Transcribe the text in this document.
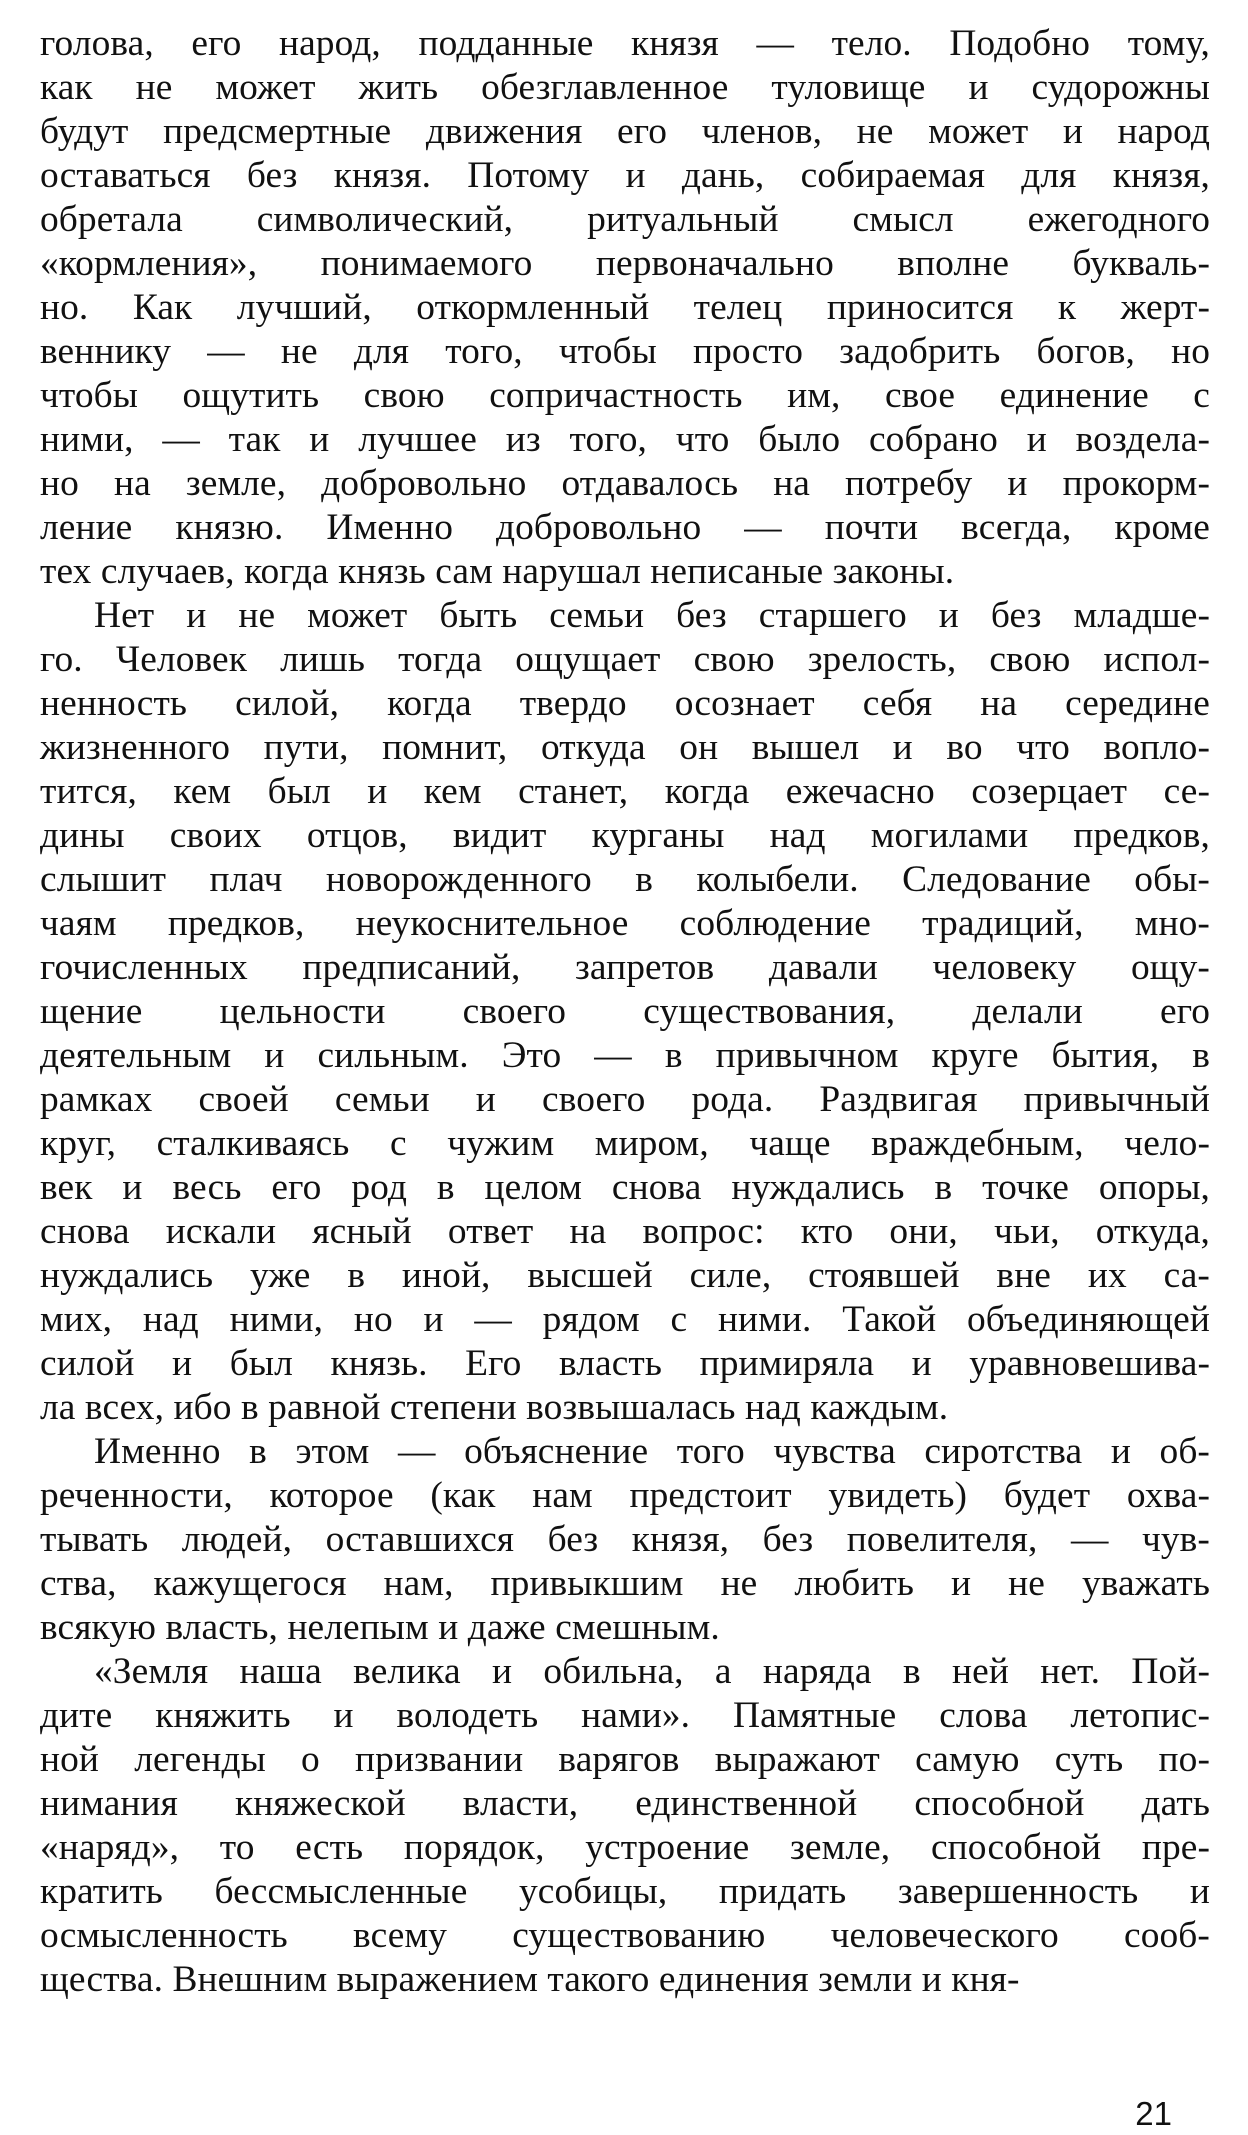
голова, его народ, подданные князя — тело. Подобно тому,
как не может жить обезглавленное туловище и судорожны
будут предсмертные движения его членов, не может и народ
оставаться без князя. Потому и дань, собираемая для князя,
обретала символический, ритуальный смысл ежегодного
«кормления», понимаемого первоначально вполне букваль-
но. Как лучший, откормленный телец приносится к жерт-
веннику — не для того, чтобы просто задобрить богов, но
чтобы ощутить свою сопричастность им, свое единение с
ними, — так и лучшее из того, что было собрано и воздела-
но на земле, добровольно отдавалось на потребу и прокорм-
ление князю. Именно добровольно — почти всегда, кроме
тех случаев, когда князь сам нарушал неписаные законы.
Нет и не может быть семьи без старшего и без младше-
го. Человек лишь тогда ощущает свою зрелость, свою испол-
ненность силой, когда твердо осознает себя на середине
жизненного пути, помнит, откуда он вышел и во что вопло-
тится, кем был и кем станет, когда ежечасно созерцает се-
дины своих отцов, видит курганы над могилами предков,
слышит плач новорожденного в колыбели. Следование обы-
чаям предков, неукоснительное соблюдение традиций, мно-
гочисленных предписаний, запретов давали человеку ощу-
щение цельности своего существования, делали его
деятельным и сильным. Это — в привычном круге бытия, в
рамках своей семьи и своего рода. Раздвигая привычный
круг, сталкиваясь с чужим миром, чаще враждебным, чело-
век и весь его род в целом снова нуждались в точке опоры,
снова искали ясный ответ на вопрос: кто они, чьи, откуда,
нуждались уже в иной, высшей силе, стоявшей вне их са-
мих, над ними, но и — рядом с ними. Такой объединяющей
силой и был князь. Его власть примиряла и уравновешива-
ла всех, ибо в равной степени возвышалась над каждым.
Именно в этом — объяснение того чувства сиротства и об-
реченности, которое (как нам предстоит увидеть) будет охва-
тывать людей, оставшихся без князя, без повелителя, — чув-
ства, кажущегося нам, привыкшим не любить и не уважать
всякую власть, нелепым и даже смешным.
«Земля наша велика и обильна, а наряда в ней нет. Пой-
дите княжить и володеть нами». Памятные слова летопис-
ной легенды о призвании варягов выражают самую суть по-
нимания княжеской власти, единственной способной дать
«наряд», то есть порядок, устроение земле, способной пре-
кратить бессмысленные усобицы, придать завершенность и
осмысленность всему существованию человеческого сооб-
щества. Внешним выражением такого единения земли и кня-
21
